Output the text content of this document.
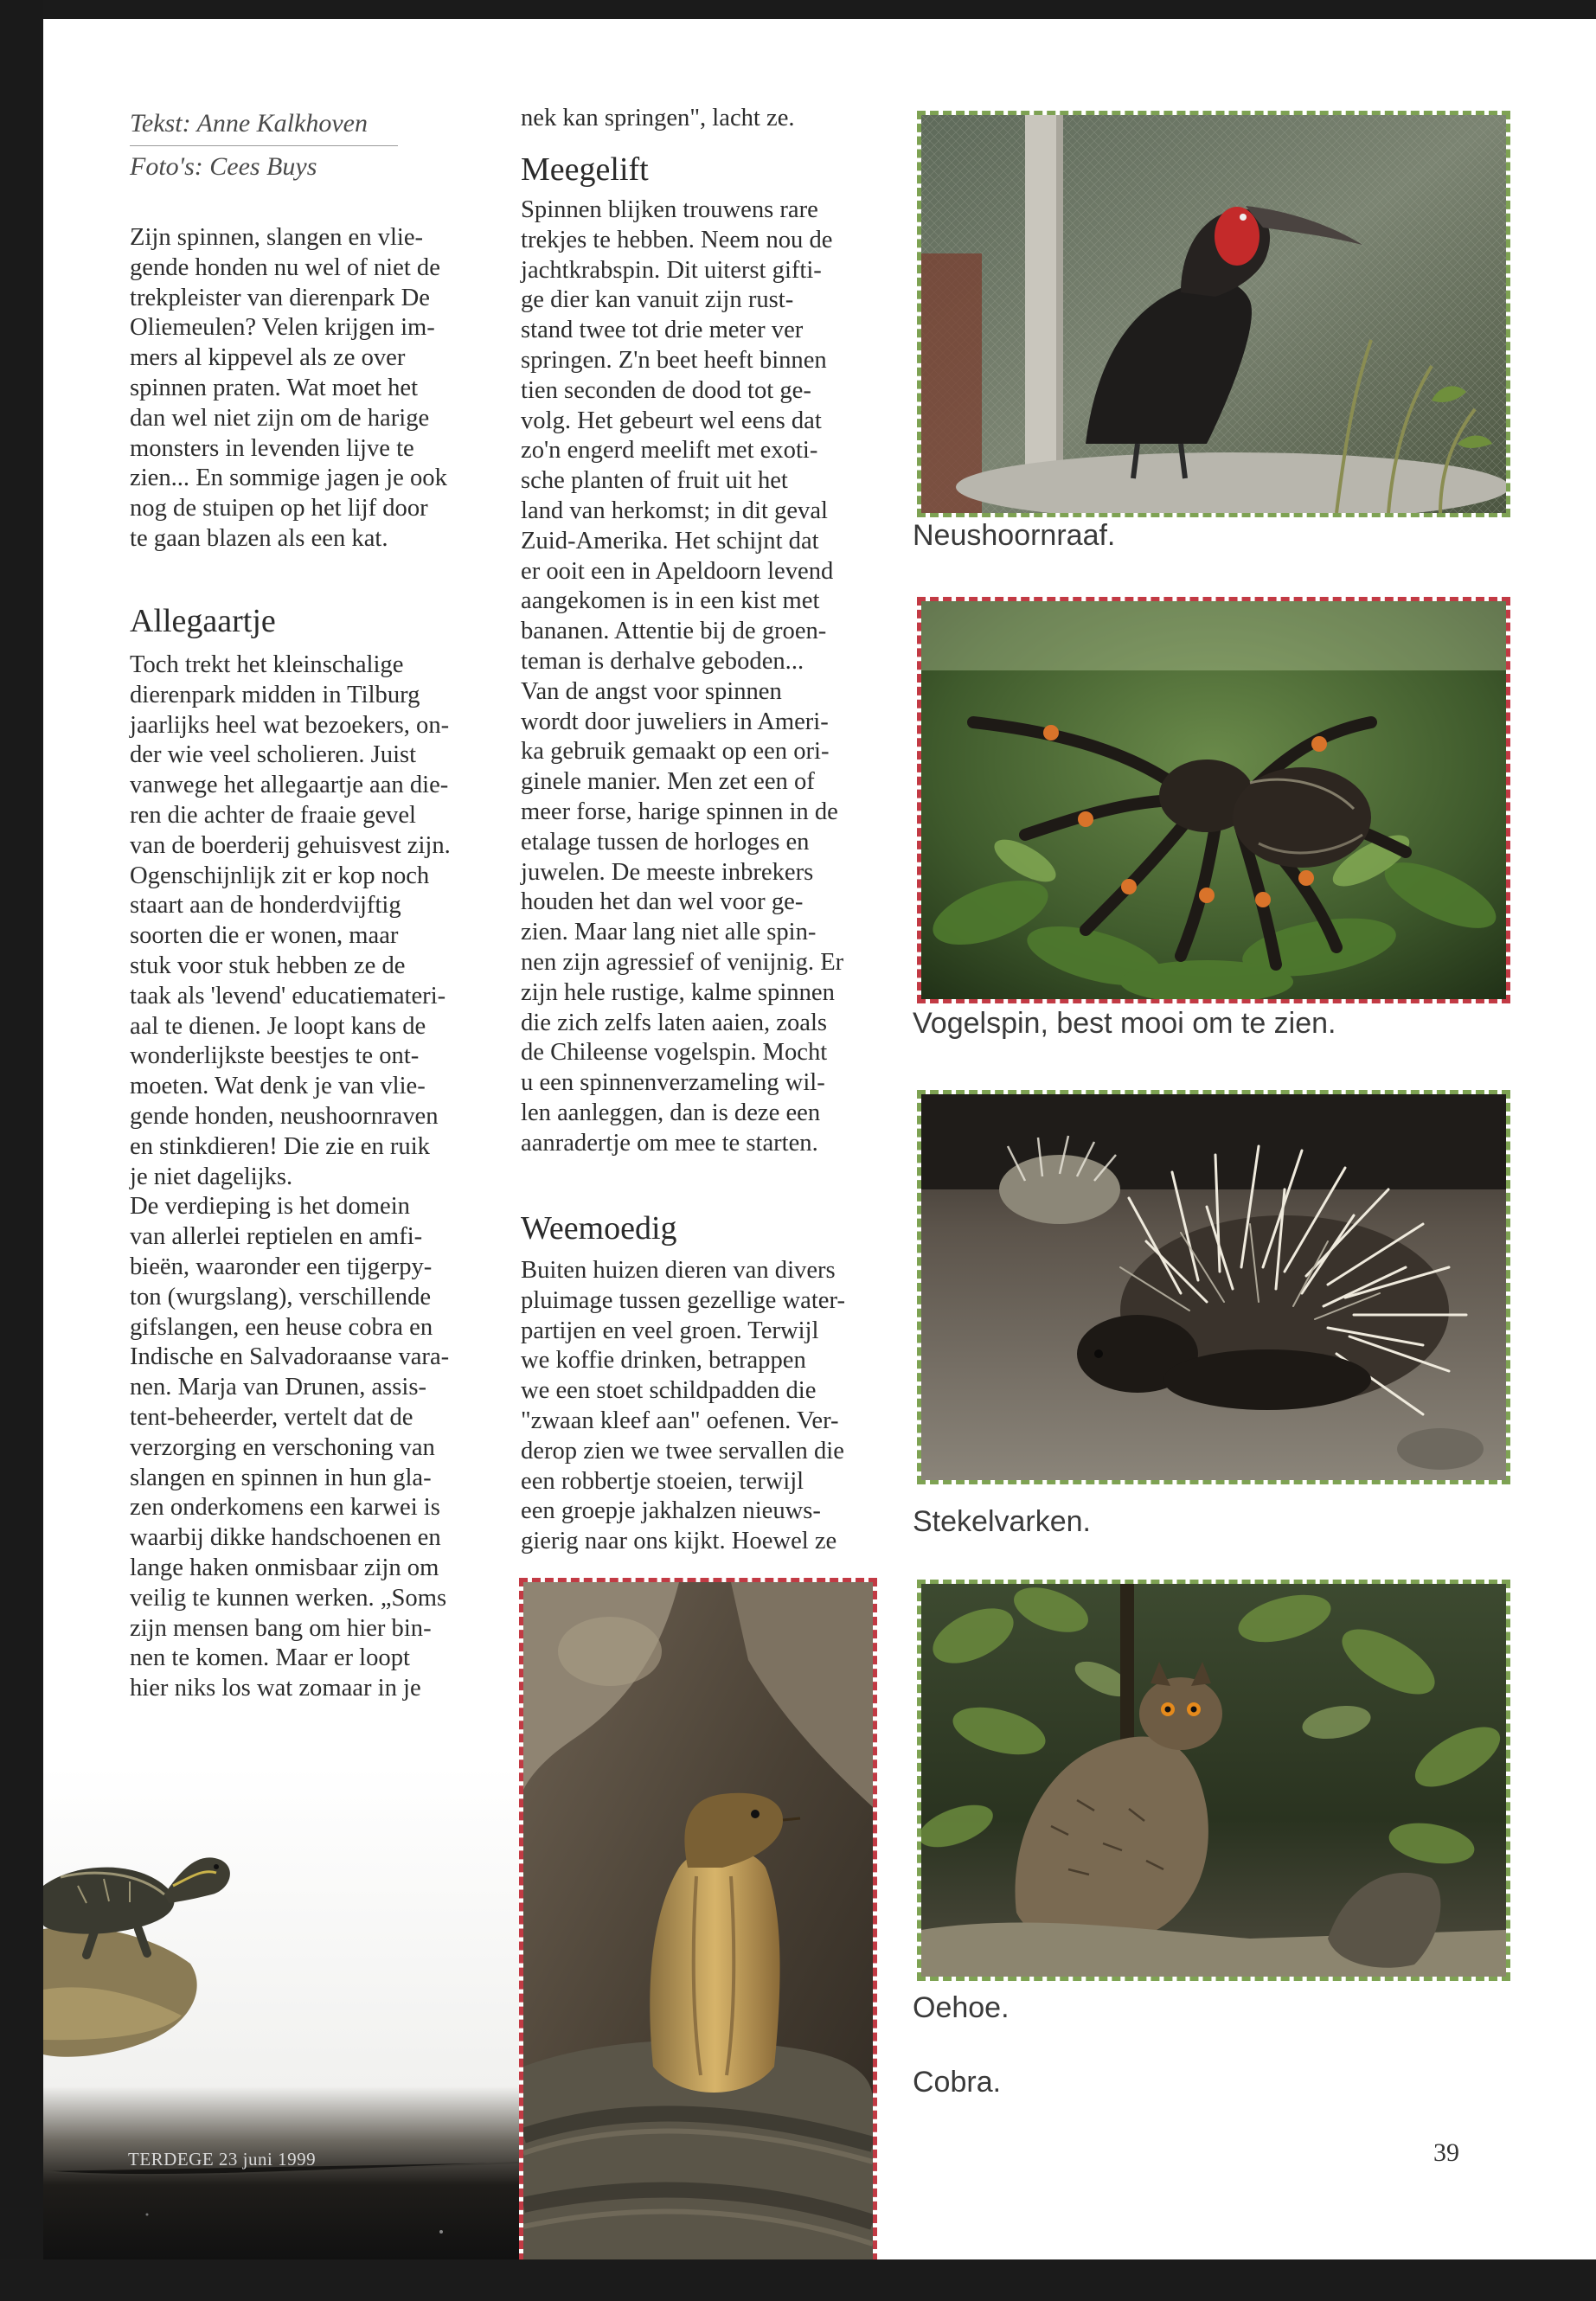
Tekst: Anne Kalkhoven
Foto's: Cees Buys

Zijn spinnen, slangen en vlie-

gende honden nu wel of niet de

trekpleister van dierenpark De

Oliemeulen? Velen krijgen im-

mers al kippevel als ze over

spinnen praten. Wat moet het

dan wel niet zijn om de harige

monsters in levenden lijve te

zien... En sommige jagen je ook

nog de stuipen op het lijf door

te gaan blazen als een kat.

Allegaartje

Toch trekt het kleinschalige

dierenpark midden in Tilburg

jaarlijks heel wat bezoekers, on-

der wie veel scholieren. Juist

vanwege het allegaartje aan die-

ren die achter de fraaie gevel

van de boerderij gehuisvest zijn.

Ogenschijnlijk zit er kop noch

staart aan de honderdvijftig

soorten die er wonen, maar

stuk voor stuk hebben ze de

taak als 'levend' educatiemateri-

aal te dienen. Je loopt kans de

wonderlijkste beestjes te ont-

moeten. Wat denk je van vlie-

gende honden, neushoornraven

en stinkdieren! Die zie en ruik

je niet dagelijks.

De verdieping is het domein

van allerlei reptielen en amfi-

bieën, waaronder een tijgerpy-

ton (wurgslang), verschillende

gifslangen, een heuse cobra en

Indische en Salvadoraanse vara-

nen. Marja van Drunen, assis-

tent-beheerder, vertelt dat de

verzorging en verschoning van

slangen en spinnen in hun gla-

zen onderkomens een karwei is

waarbij dikke handschoenen en

lange haken onmisbaar zijn om

veilig te kunnen werken. „Soms

zijn mensen bang om hier bin-

nen te komen. Maar er loopt

hier niks los wat zomaar in je

nek kan springen", lacht ze.

Meegelift

Spinnen blijken trouwens rare

trekjes te hebben. Neem nou de

jachtkrabspin. Dit uiterst gifti-

ge dier kan vanuit zijn rust-

stand twee tot drie meter ver

springen. Z'n beet heeft binnen

tien seconden de dood tot ge-

volg. Het gebeurt wel eens dat

zo'n engerd meelift met exoti-

sche planten of fruit uit het

land van herkomst; in dit geval

Zuid-Amerika. Het schijnt dat

er ooit een in Apeldoorn levend

aangekomen is in een kist met

bananen. Attentie bij de groen-

teman is derhalve geboden...

Van de angst voor spinnen

wordt door juweliers in Ameri-

ka gebruik gemaakt op een ori-

ginele manier. Men zet een of

meer forse, harige spinnen in de

etalage tussen de horloges en

juwelen. De meeste inbrekers

houden het dan wel voor ge-

zien. Maar lang niet alle spin-

nen zijn agressief of venijnig. Er

zijn hele rustige, kalme spinnen

die zich zelfs laten aaien, zoals

de Chileense vogelspin. Mocht

u een spinnenverzameling wil-

len aanleggen, dan is deze een

aanradertje om mee te starten.

Weemoedig

Buiten huizen dieren van divers

pluimage tussen gezellige water-

partijen en veel groen. Terwijl

we koffie drinken, betrappen

we een stoet schildpadden die

"zwaan kleef aan" oefenen. Ver-

derop zien we twee servallen die

een robbertje stoeien, terwijl

een groepje jakhalzen nieuws-

gierig naar ons kijkt. Hoewel ze

Neushoornraaf.
Vogelspin, best mooi om te zien.
Stekelvarken.
Oehoe.
Cobra.
TERDEGE 23 juni 1999	39
